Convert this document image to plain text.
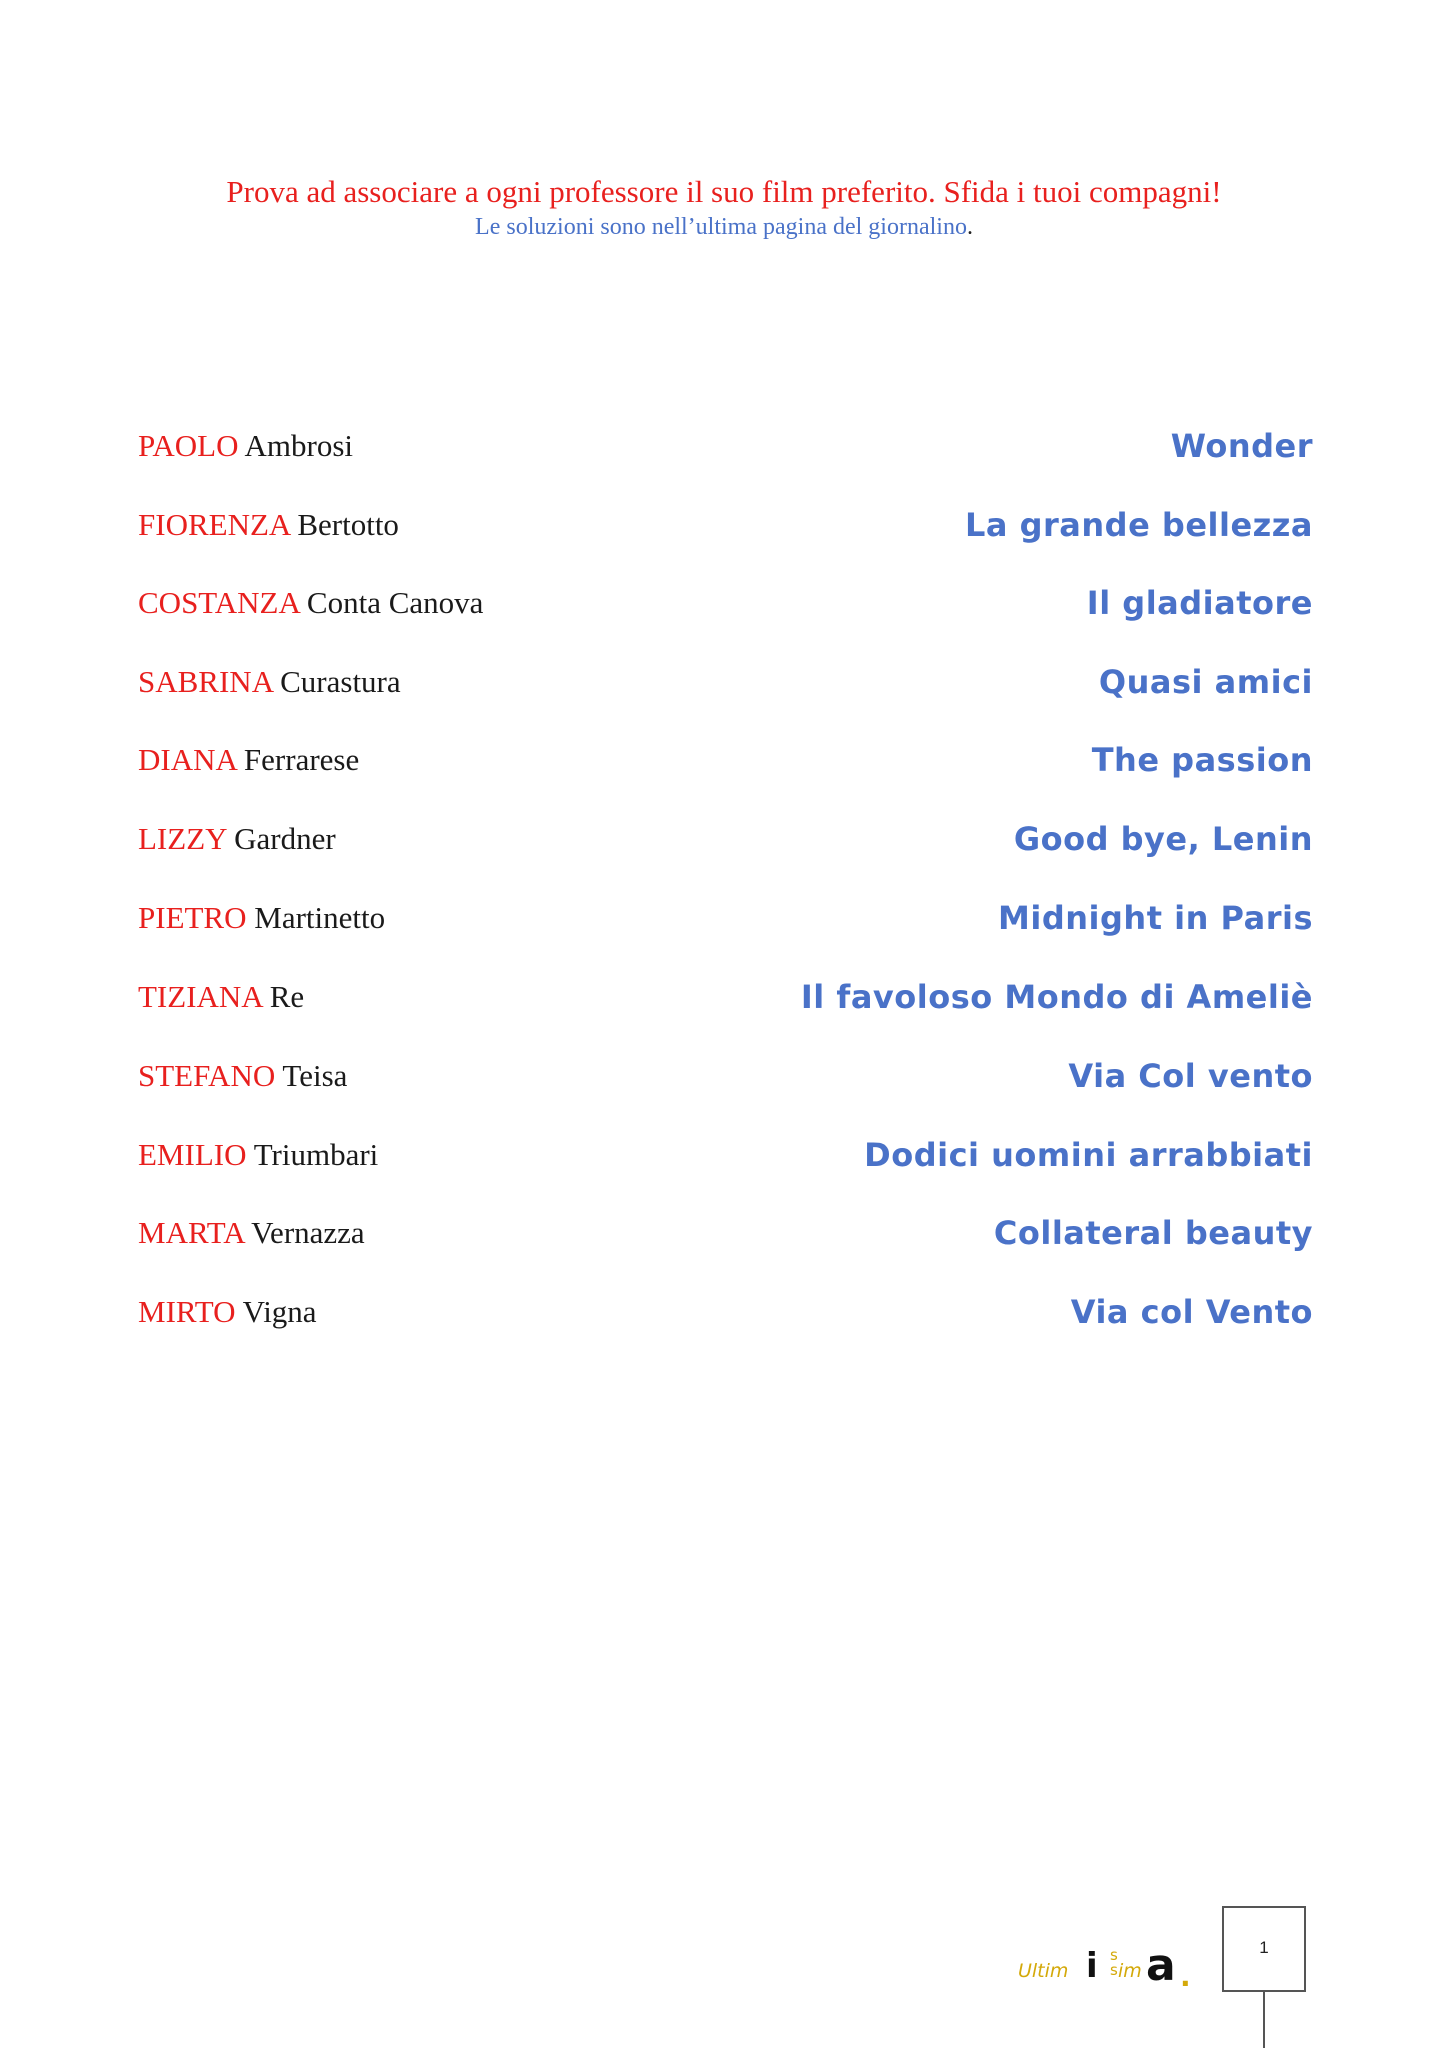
Prova ad associare a ogni professore il suo film preferito. Sfida i tuoi compagni!
Le soluzioni sono nell’ultima pagina del giornalino.
PAOLO Ambrosi	Wonder
FIORENZA Bertotto	La grande bellezza
COSTANZA Conta Canova	Il gladiatore
SABRINA Curastura	Quasi amici
DIANA Ferrarese	The passion
LIZZY Gardner	Good bye, Lenin
PIETRO Martinetto	Midnight in Paris
TIZIANA Re	Il favoloso Mondo di Ameliè
STEFANO Teisa	Via Col vento
EMILIO Triumbari	Dodici uomini arrabbiati
MARTA Vernazza	Collateral beauty
MIRTO Vigna	Via col Vento
Ultim i s
s im a .
1
